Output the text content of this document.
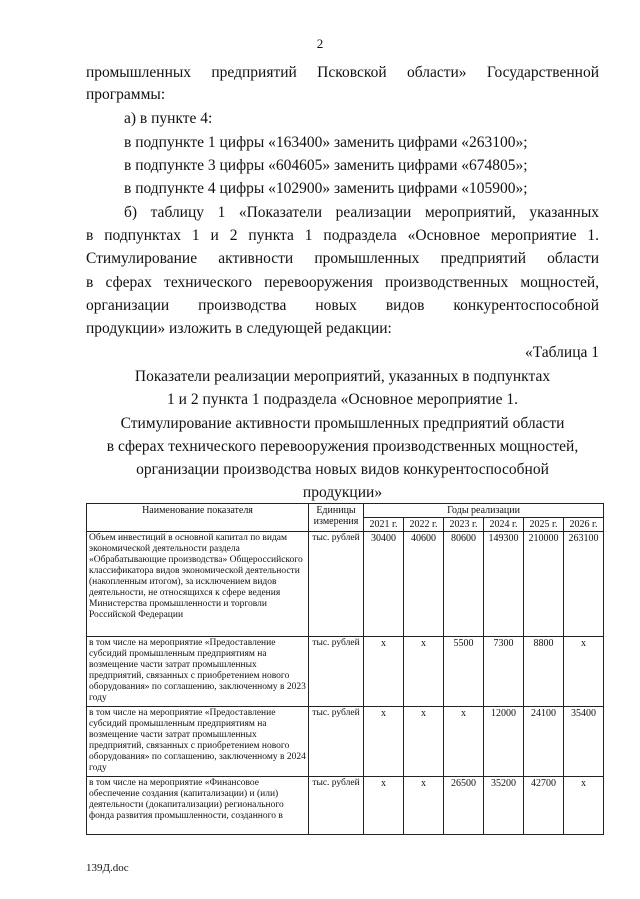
2
промышленных предприятий Псковской области» Государственной
программы:
а) в пункте 4:
в подпункте 1 цифры «163400» заменить цифрами «263100»;
в подпункте 3 цифры «604605» заменить цифрами «674805»;
в подпункте 4 цифры «102900» заменить цифрами «105900»;
б) таблицу 1 «Показатели реализации мероприятий, указанных
в подпунктах 1 и 2 пункта 1 подраздела «Основное мероприятие 1.
Стимулирование активности промышленных предприятий области
в сферах технического перевооружения производственных мощностей,
организации производства новых видов конкурентоспособной
продукции» изложить в следующей редакции:
«Таблица 1
Показатели реализации мероприятий, указанных в подпунктах
1 и 2 пункта 1 подраздела «Основное мероприятие 1.
Стимулирование активности промышленных предприятий области
в сферах технического перевооружения производственных мощностей,
организации производства новых видов конкурентоспособной
продукции»
Наименование показателя	Единицы измерения	Годы реализации					
		2021 г.	2022 г.	2023 г.	2024 г.	2025 г.	2026 г.
Объем инвестиций в основной капитал по видам экономической деятельности раздела «Обрабатывающие производства» Общероссийского классификатора видов экономической деятельности (накопленным итогом), за исключением видов деятельности, не относящихся к сфере ведения Министерства промышленности и торговли Российской Федерации	тыс. рублей	30400	40600	80600	149300	210000	263100
в том числе на мероприятие «Предоставление субсидий промышленным предприятиям на возмещение части затрат промышленных предприятий, связанных с приобретением нового оборудования» по соглашению, заключенному в 2023 году	тыс. рублей	х	х	5500	7300	8800	х
в том числе на мероприятие «Предоставление субсидий промышленным предприятиям на возмещение части затрат промышленных предприятий, связанных с приобретением нового оборудования» по соглашению, заключенному в 2024 году	тыс. рублей	х	х	х	12000	24100	35400
в том числе на мероприятие «Финансовое обеспечение создания (капитализации) и (или) деятельности (докапитализации) регионального фонда развития промышленности, созданного в	тыс. рублей	х	х	26500	35200	42700	х
139Д.doc
